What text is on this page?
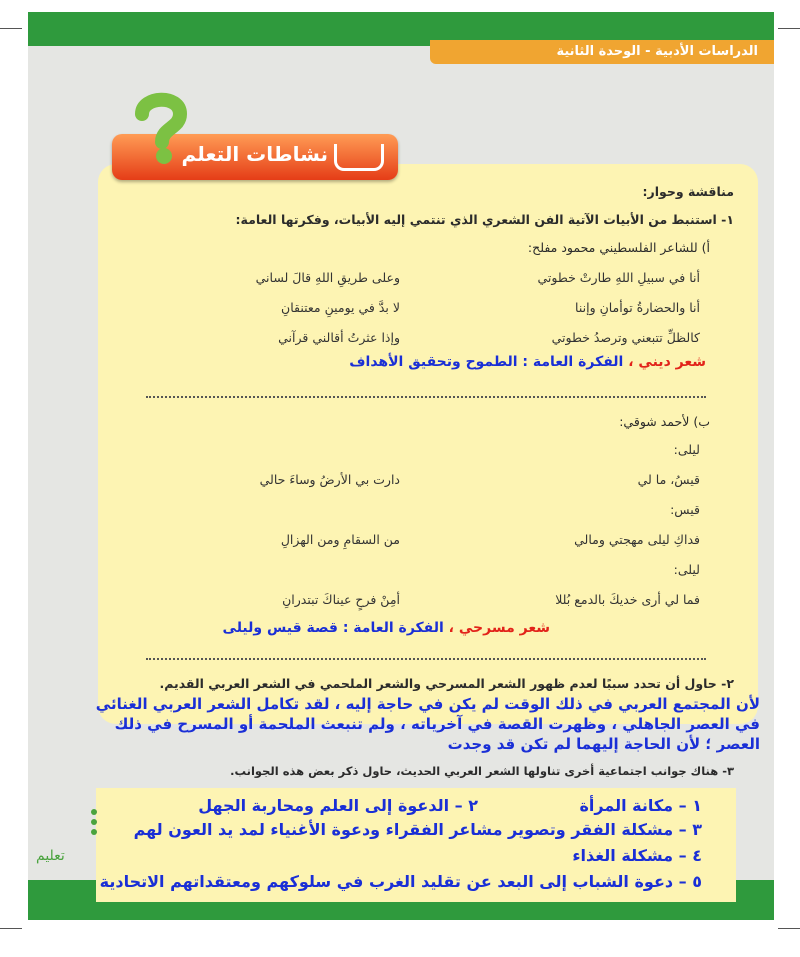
الدراسات الأدبية - الوحدة الثانية
نشاطات التعلم
مناقشة وحوار:
١- استنبط من الأبيات الآتية الفن الشعري الذي تنتمي إليه الأبيات، وفكرتها العامة:
أ) للشاعر الفلسطيني محمود مفلح:
أنا في سبيلِ اللهِ طارتْ خطوتي
وعلى طريقِ اللهِ قالَ لساني
أنا والحضارةُ توأمانِ وإننا
لا بدَّ في يومينِ معتنقانِ
كالظلِّ تتبعني وترصدُ خطوتي
وإذا عثرتُ أقالني قرآني
شعر ديني ، الفكرة العامة : الطموح وتحقيق الأهداف
ب) لأحمد شوقي:
ليلى:
قيسُ، ما لي
دارت بي الأرضُ وساءَ حالي
قيس:
فداكِ ليلى مهجتي ومالي
من السقامِ ومن الهزالِ
ليلى:
فما لي أرى خديكَ بالدمع بُللا
أمِنْ فرحٍ عيناكَ تبتدرانِ
شعر مسرحي ، الفكرة العامة : قصة قيس وليلى
٢- حاول أن تحدد سببًا لعدم ظهور الشعر المسرحي والشعر الملحمي في الشعر العربي القديم.
لأن المجتمع العربي في ذلك الوقت لم يكن في حاجة إليه ، لقد تكامل الشعر العربي الغنائي في العصر الجاهلي ، وظهرت القصة في آخرياته ، ولم تنبعث الملحمة أو المسرح في ذلك العصر ؛ لأن الحاجة إليهما لم تكن قد وجدت
٣- هناك جوانب اجتماعية أخرى تناولها الشعر العربي الحديث، حاول ذكر بعض هذه الجوانب.
١ – مكانة المرأة
٢ – الدعوة إلى العلم ومحاربة الجهل
٣ – مشكلة الفقر وتصوير مشاعر الفقراء ودعوة الأغنياء لمد يد العون لهم
٤ – مشكلة الغذاء
٥ – دعوة الشباب إلى البعد عن تقليد الغرب في سلوكهم ومعتقداتهم الاتحادية
تعليم
